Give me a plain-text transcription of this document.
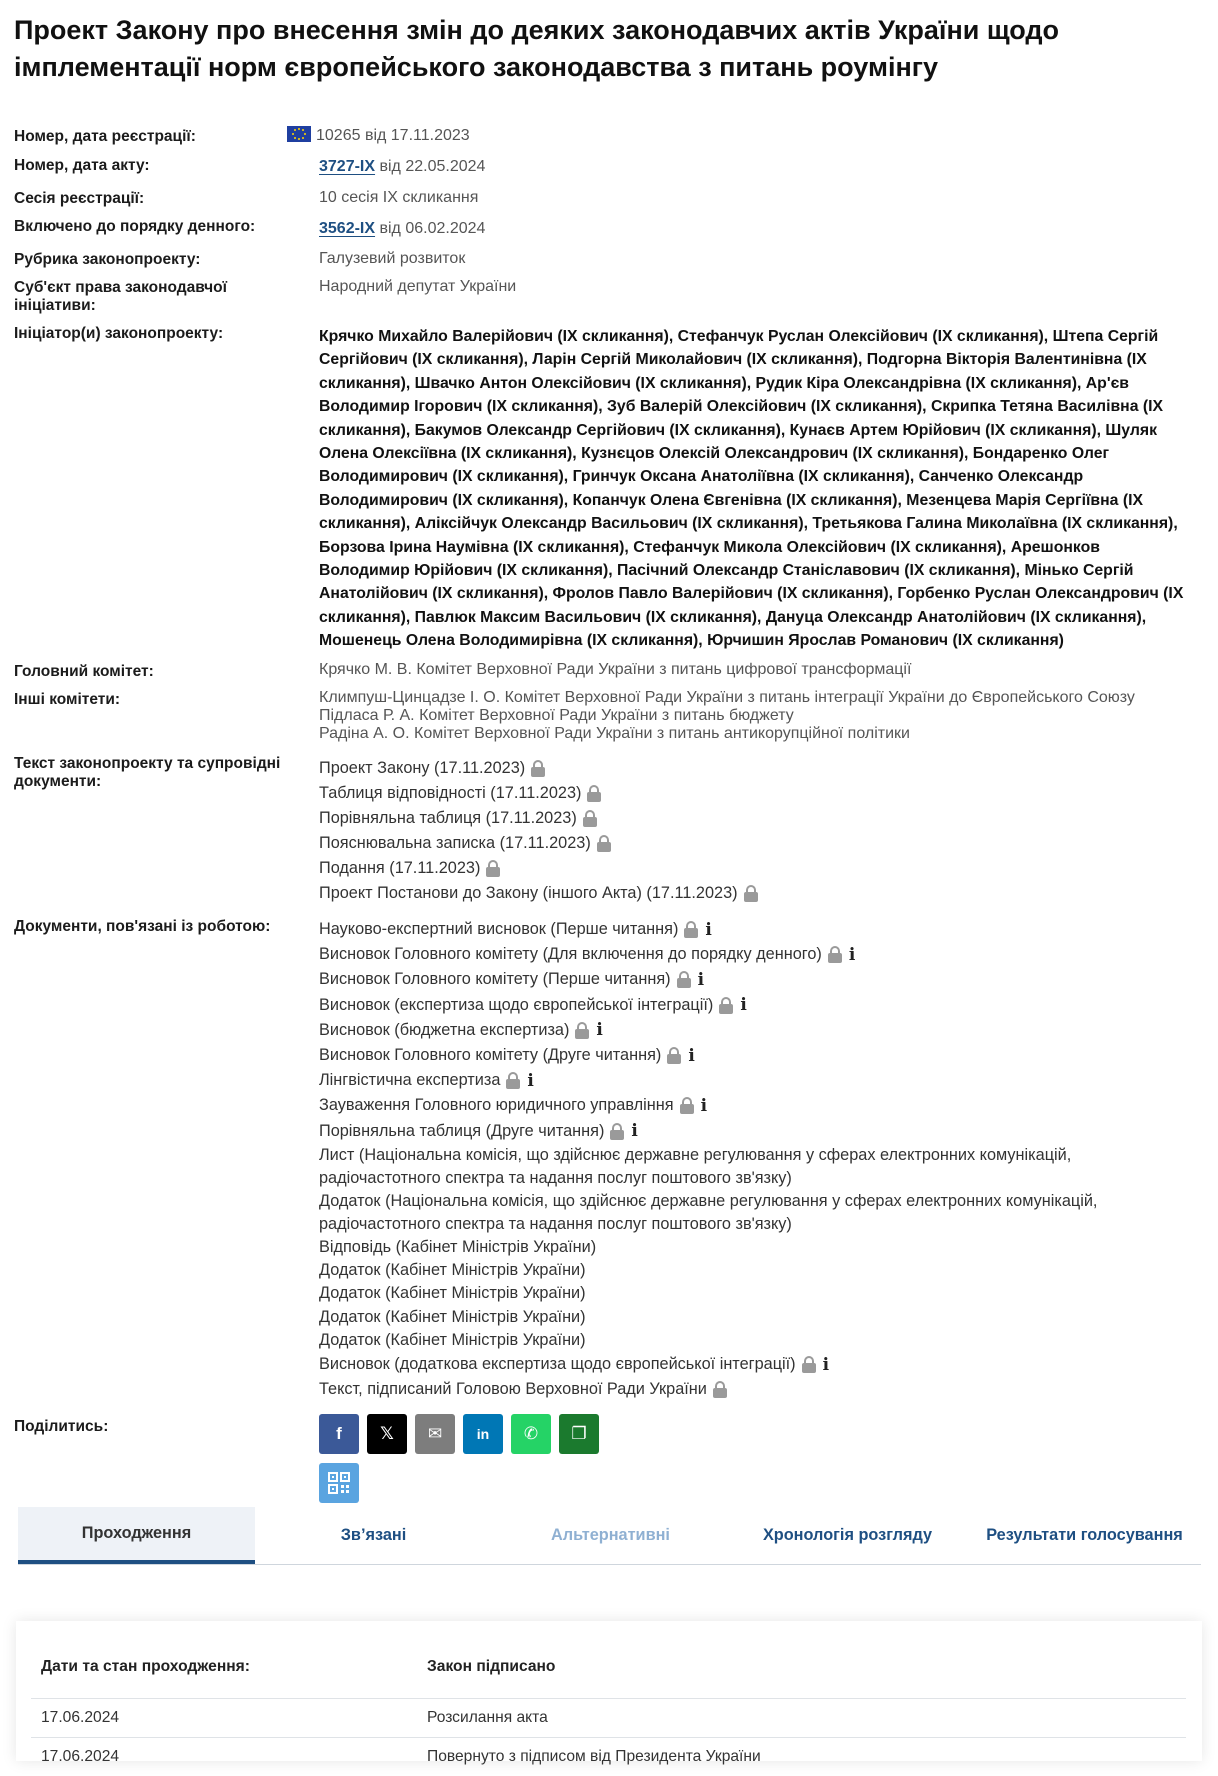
Проект Закону про внесення змін до деяких законодавчих актів України щодо імплементації норм європейського законодавства з питань роумінгу
Номер, дата реєстрації:	10265 від 17.11.2023
Номер, дата акту:	3727-IX від 22.05.2024
Сесія реєстрації:	10 сесія IX скликання
Включено до порядку денного:	3562-IX від 06.02.2024
Рубрика законопроекту:	Галузевий розвиток
Суб'єкт права законодавчої ініціативи:
Народний депутат України
Ініціатор(и) законопроекту:	Крячко Михайло Валерійович (IX скликання), Стефанчук Руслан Олексійович (IX скликання), Штепа Сергій Сергійович (IX скликання), Ларін Сергій Миколайович (IX скликання), Подгорна Вікторія Валентинівна (IX скликання), Швачко Антон Олексійович (IX скликання), Рудик Кіра Олександрівна (IX скликання), Ар'єв Володимир Ігорович (IX скликання), Зуб Валерій Олексійович (IX скликання), Скрипка Тетяна Василівна (IX скликання), Бакумов Олександр Сергійович (IX скликання), Кунаєв Артем Юрійович (IX скликання), Шуляк Олена Олексіївна (IX скликання), Кузнєцов Олексій Олександрович (IX скликання), Бондаренко Олег Володимирович (IX скликання), Гринчук Оксана Анатоліївна (IX скликання), Санченко Олександр Володимирович (IX скликання), Копанчук Олена Євгенівна (IX скликання), Мезенцева Марія Сергіївна (IX скликання), Аліксійчук Олександр Васильович (IX скликання), Третьякова Галина Миколаївна (IX скликання), Борзова Ірина Наумівна (IX скликання), Стефанчук Микола Олексійович (IX скликання), Арешонков Володимир Юрійович (IX скликання), Пасічний Олександр Станіславович (IX скликання), Мінько Сергій Анатолійович (IX скликання), Фролов Павло Валерійович (IX скликання), Горбенко Руслан Олександрович (IX скликання), Павлюк Максим Васильович (IX скликання), Дануца Олександр Анатолійович (IX скликання), Мошенець Олена Володимирівна (IX скликання), Юрчишин Ярослав Романович (IX скликання)
Головний комітет:	Крячко М. В. Комітет Верховної Ради України з питань цифрової трансформації
Інші комітети:	Климпуш-Цинцадзе І. О. Комітет Верховної Ради України з питань інтеграції України до Європейського Союзу
Підласа Р. А. Комітет Верховної Ради України з питань бюджету
Радіна А. О. Комітет Верховної Ради України з питань антикорупційної політики
Текст законопроекту та супровідні документи:
Проект Закону (17.11.2023)
Таблиця відповідності (17.11.2023)
Порівняльна таблиця (17.11.2023)
Пояснювальна записка (17.11.2023)
Подання (17.11.2023)
Проект Постанови до Закону (іншого Акта) (17.11.2023)
Документи, пов'язані із роботою:	Науково-експертний висновок (Перше читання) i
Висновок Головного комітету (Для включення до порядку денного) i
Висновок Головного комітету (Перше читання) i
Висновок (експертиза щодо європейської інтеграції) i
Висновок (бюджетна експертиза) i
Висновок Головного комітету (Друге читання) i
Лінгвістична експертиза i
Зауваження Головного юридичного управління i
Порівняльна таблиця (Друге читання) i
Лист (Національна комісія, що здійснює державне регулювання у сферах електронних комунікацій, радіочастотного спектра та надання послуг поштового зв'язку)
Додаток (Національна комісія, що здійснює державне регулювання у сферах електронних комунікацій, радіочастотного спектра та надання послуг поштового зв'язку)
Відповідь (Кабінет Міністрів України)
Додаток (Кабінет Міністрів України)
Додаток (Кабінет Міністрів України)
Додаток (Кабінет Міністрів України)
Додаток (Кабінет Міністрів України)
Висновок (додаткова експертиза щодо європейської інтеграції) i
Текст, підписаний Головою Верховної Ради України
Поділитись:	f 𝕏 ✉ in ✆ ❐
Проходження	Зв’язані	Альтернативні	Хронологія розгляду	Результати голосування
Дати та стан проходження:	Закон підписано
17.06.2024	Розсилання акта
17.06.2024	Повернуто з підписом від Президента України
